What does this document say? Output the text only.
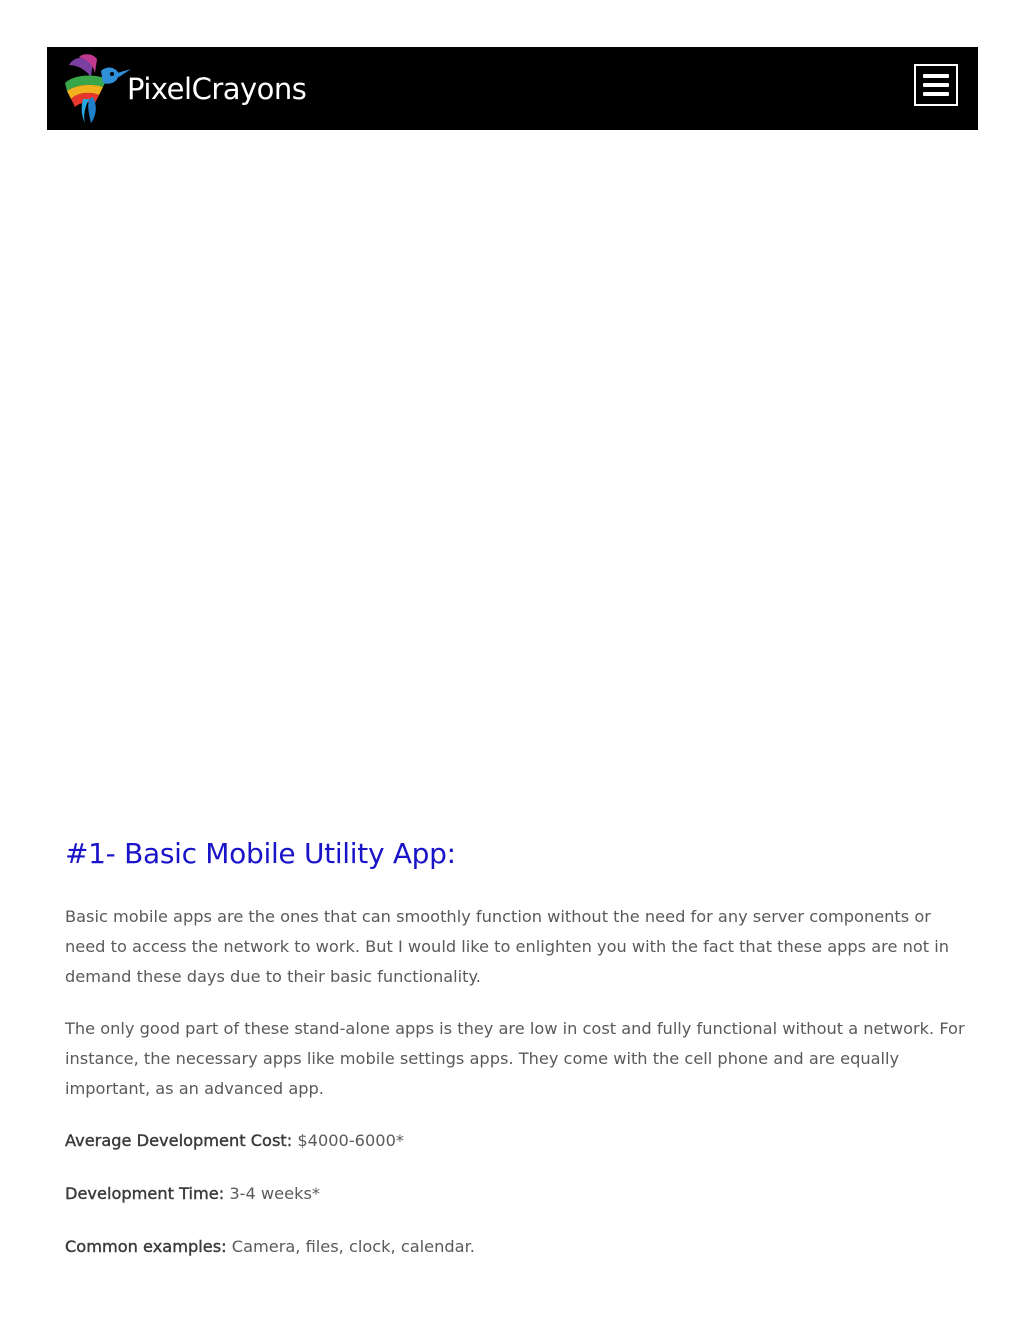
PixelCrayons
#1- Basic Mobile Utility App:

Basic mobile apps are the ones that can smoothly function without the need for any server components or need to access the network to work. But I would like to enlighten you with the fact that these apps are not in demand these days due to their basic functionality.

The only good part of these stand-alone apps is they are low in cost and fully functional without a network. For instance, the necessary apps like mobile settings apps. They come with the cell phone and are equally important, as an advanced app.

Average Development Cost: $4000-6000*

Development Time: 3-4 weeks*

Common examples: Camera, files, clock, calendar.
